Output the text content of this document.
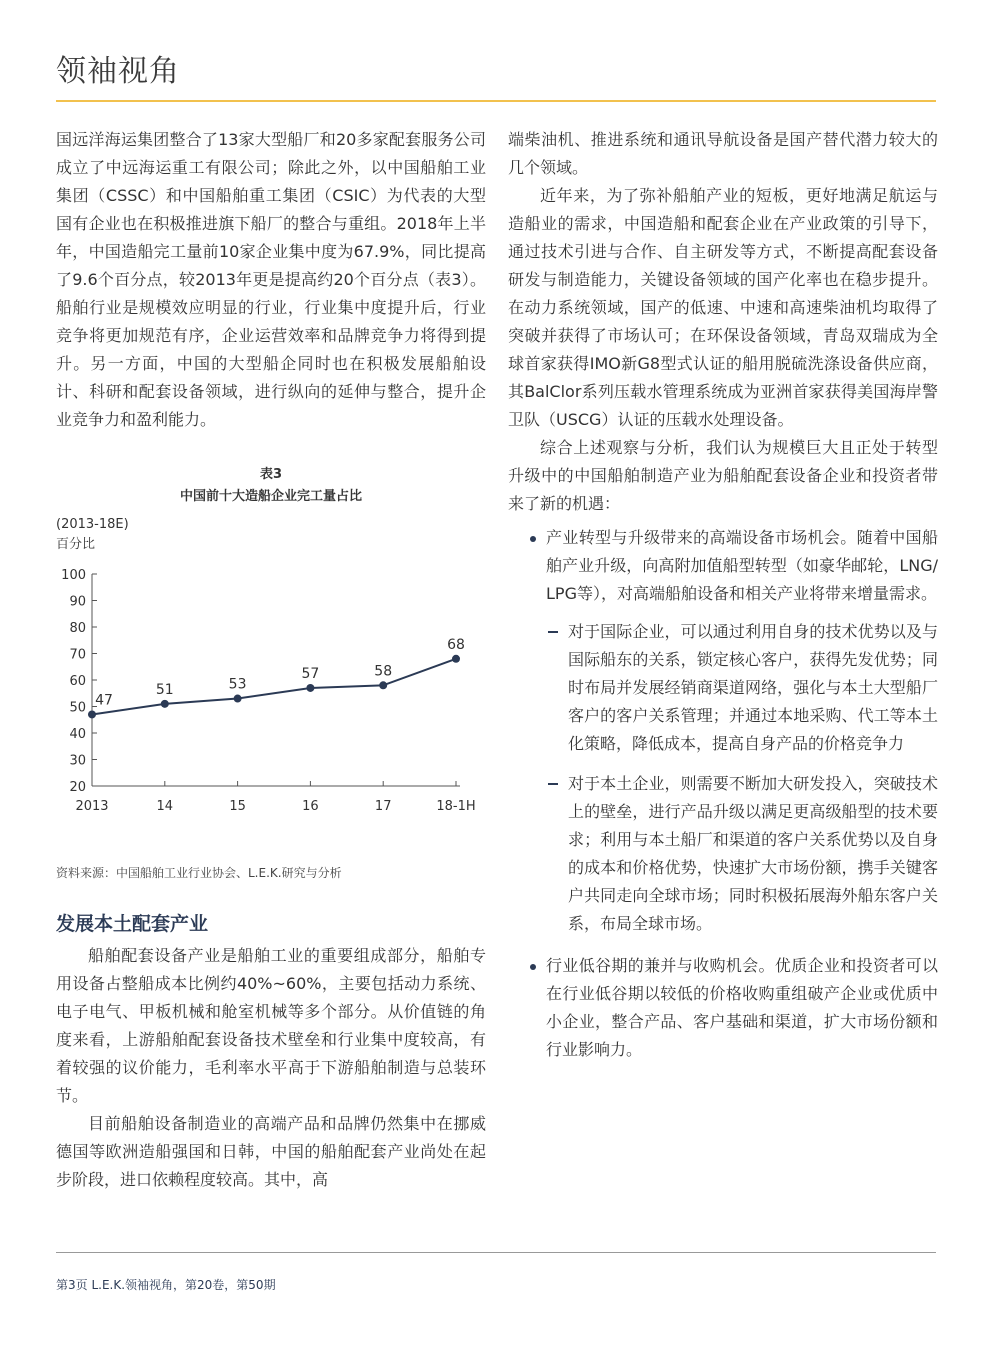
领袖视角

国远洋海运集团整合了13家大型船厂和20多家配套服务公司成立了中远海运重工有限公司；除此之外，以中国船舶工业集团（CSSC）和中国船舶重工集团（CSIC）为代表的大型国有企业也在积极推进旗下船厂的整合与重组。2018年上半年，中国造船完工量前10家企业集中度为67.9%，同比提高了9.6个百分点，较2013年更是提高约20个百分点（表3）。船舶行业是规模效应明显的行业，行业集中度提升后，行业竞争将更加规范有序，企业运营效率和品牌竞争力将得到提升。另一方面，中国的大型船企同时也在积极发展船舶设计、科研和配套设备领域，进行纵向的延伸与整合，提升企业竞争力和盈利能力。

表3
中国前十大造船企业完工量占比
(2013-18E)
百分比
20
30
40
50
60
70
80
90
100
2013	14	15	16	17	18-1H
47
51	53
57	58
68
资料来源：中国船舶工业行业协会、L.E.K.研究与分析
发展本土配套产业

船舶配套设备产业是船舶工业的重要组成部分，船舶专用设备占整船成本比例约40%~60%，主要包括动力系统、电子电气、甲板机械和舱室机械等多个部分。从价值链的角度来看，上游船舶配套设备技术壁垒和行业集中度较高，有着较强的议价能力，毛利率水平高于下游船舶制造与总装环节。

目前船舶设备制造业的高端产品和品牌仍然集中在挪威德国等欧洲造船强国和日韩，中国的船舶配套产业尚处在起步阶段，进口依赖程度较高。其中，高

端柴油机、推进系统和通讯导航设备是国产替代潜力较大的几个领域。

近年来，为了弥补船舶产业的短板，更好地满足航运与造船业的需求，中国造船和配套企业在产业政策的引导下，通过技术引进与合作、自主研发等方式，不断提高配套设备研发与制造能力，关键设备领域的国产化率也在稳步提升。在动力系统领域，国产的低速、中速和高速柴油机均取得了突破并获得了市场认可；在环保设备领域，青岛双瑞成为全球首家获得IMO新G8型式认证的船用脱硫洗涤设备供应商，其BalClor系列压载水管理系统成为亚洲首家获得美国海岸警卫队（USCG）认证的压载水处理设备。

综合上述观察与分析，我们认为规模巨大且正处于转型升级中的中国船舶制造产业为船舶配套设备企业和投资者带来了新的机遇：

产业转型与升级带来的高端设备市场机会。随着中国船舶产业升级，向高附加值船型转型（如豪华邮轮，LNG/LPG等），对高端船舶设备和相关产业将带来增量需求。
对于国际企业，可以通过利用自身的技术优势以及与国际船东的关系，锁定核心客户，获得先发优势；同时布局并发展经销商渠道网络，强化与本土大型船厂客户的客户关系管理；并通过本地采购、代工等本土化策略，降低成本，提高自身产品的价格竞争力
对于本土企业，则需要不断加大研发投入，突破技术上的壁垒，进行产品升级以满足更高级船型的技术要求；利用与本土船厂和渠道的客户关系优势以及自身的成本和价格优势，快速扩大市场份额，携手关键客户共同走向全球市场；同时积极拓展海外船东客户关系，布局全球市场。
行业低谷期的兼并与收购机会。优质企业和投资者可以在行业低谷期以较低的价格收购重组破产企业或优质中小企业，整合产品、客户基础和渠道，扩大市场份额和行业影响力。
第3页 L.E.K.领袖视角，第20卷，第50期
